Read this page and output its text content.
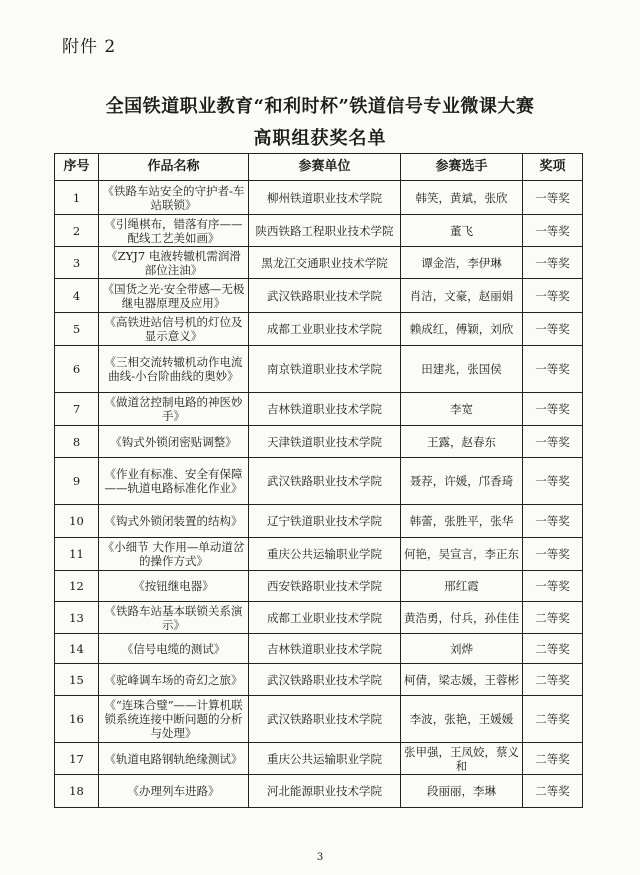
附件 2
全国铁道职业教育“和利时杯”铁道信号专业微课大赛
高职组获奖名单
序号	作品名称	参赛单位	参赛选手	奖项
1	《铁路车站安全的守护者-车站联锁》	柳州铁道职业技术学院	韩笑，黄斌，张欣	一等奖
2	《引绳棋布，错落有序——配线工艺美如画》	陕西铁路工程职业技术学院	董飞	一等奖
3	《ZYJ7 电液转辙机需润滑部位注油》	黑龙江交通职业技术学院	谭金浩，李伊琳	一等奖
4	《国货之光·安全带感—无极继电器原理及应用》	武汉铁路职业技术学院	肖洁，文豪，赵丽娟	一等奖
5	《高铁进站信号机的灯位及显示意义》	成都工业职业技术学院	赖成红，傅颖，刘欣	一等奖
6	《三相交流转辙机动作电流曲线-小台阶曲线的奥妙》	南京铁道职业技术学院	田建兆，张国侯	一等奖
7	《做道岔控制电路的神医妙手》	吉林铁道职业技术学院	李宽	一等奖
8	《钩式外锁闭密贴调整》	天津铁道职业技术学院	王露，赵春东	一等奖
9	《作业有标准、安全有保障——轨道电路标准化作业》	武汉铁路职业技术学院	聂荐，许媛，邝香琦	一等奖
10	《钩式外锁闭装置的结构》	辽宁铁道职业技术学院	韩蕾，张胜平，张华	一等奖
11	《小细节 大作用—单动道岔的操作方式》	重庆公共运输职业学院	何艳，吴宣言，李正东	一等奖
12	《按钮继电器》	西安铁路职业技术学院	邢红霞	一等奖
13	《铁路车站基本联锁关系演示》	成都工业职业技术学院	黄浩勇，付兵，孙佳佳	二等奖
14	《信号电缆的测试》	吉林铁道职业技术学院	刘烨	二等奖
15	《驼峰调车场的奇幻之旅》	武汉铁路职业技术学院	柯倩，梁志媛，王蓉彬	二等奖
16	《“连珠合璧”——计算机联锁系统连接中断问题的分析与处理》	武汉铁路职业技术学院	李波，张艳，王媛媛	二等奖
17	《轨道电路钢轨绝缘测试》	重庆公共运输职业学院	张甲强，王凤姣，蔡义和	二等奖
18	《办理列车进路》	河北能源职业技术学院	段丽丽，李琳	二等奖
3
